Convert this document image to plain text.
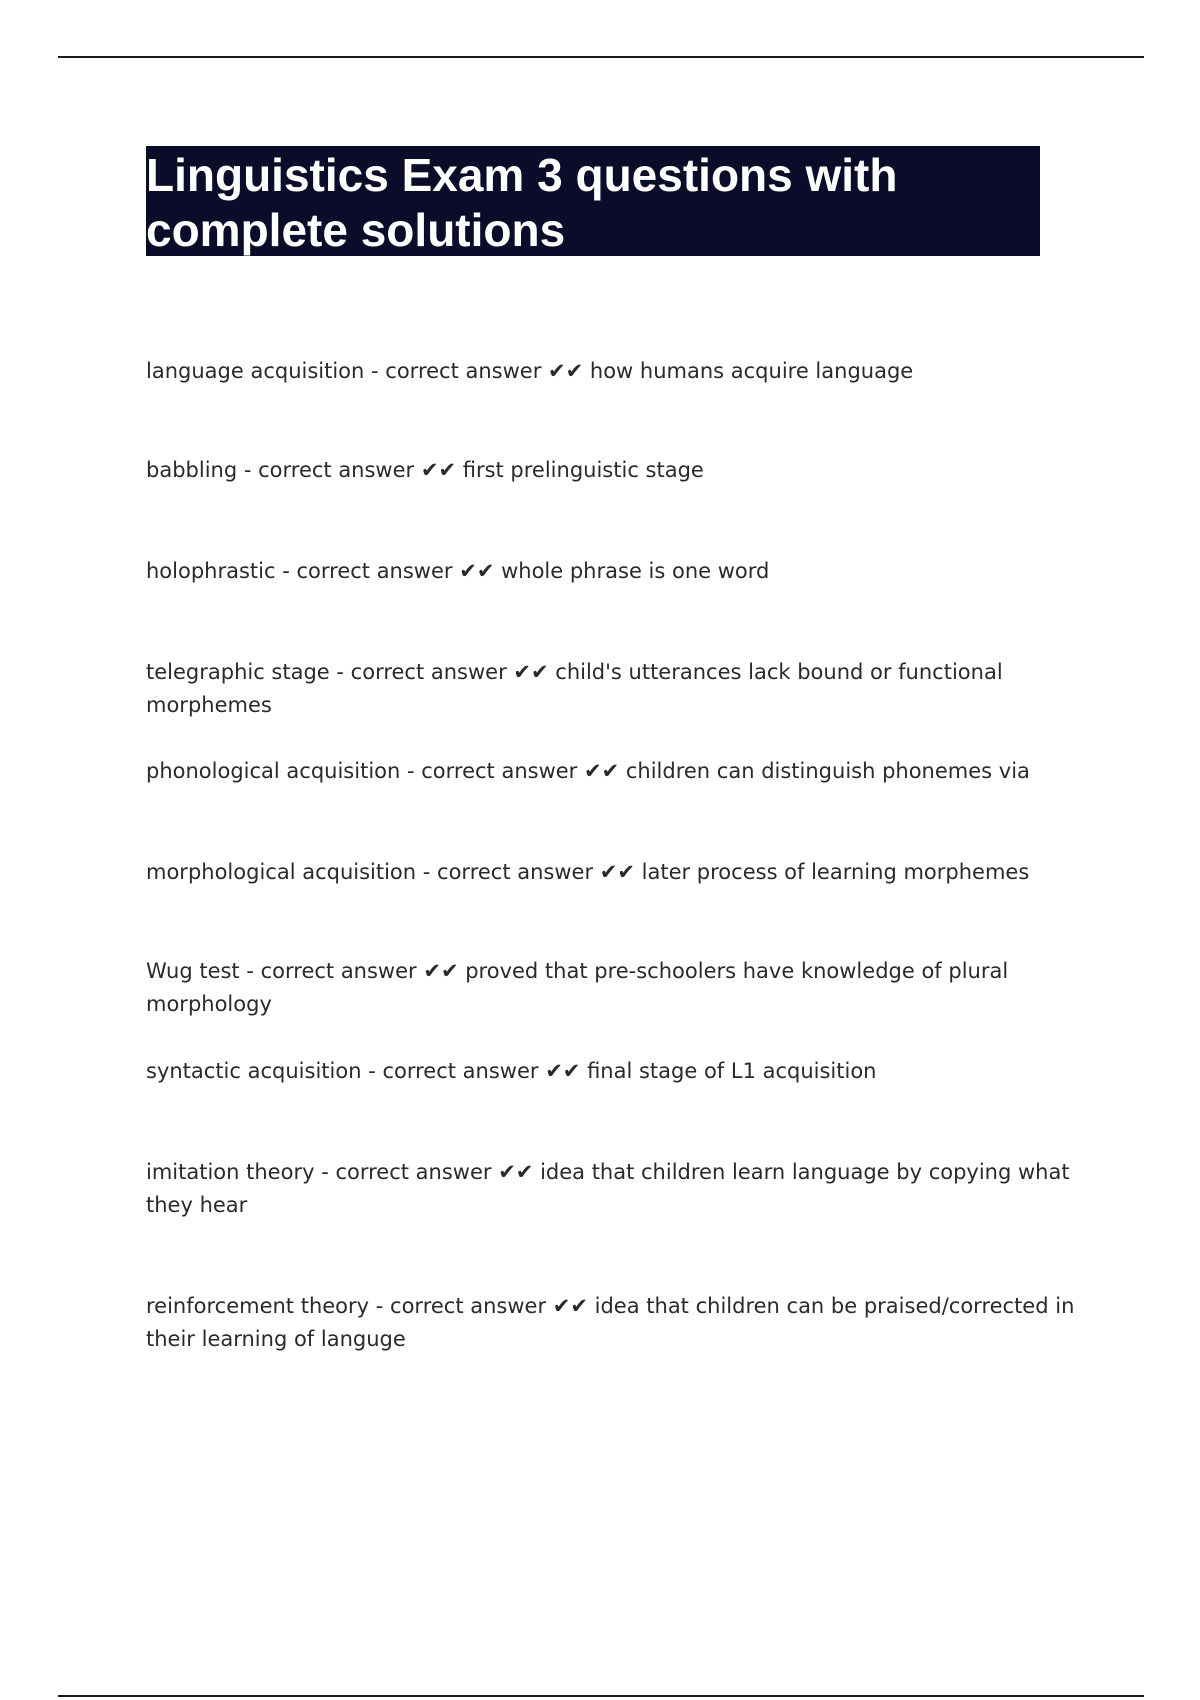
Linguistics Exam 3 questions with complete solutions
language acquisition - correct answer ✔✔ how humans acquire language
babbling - correct answer ✔✔ first prelinguistic stage
holophrastic - correct answer ✔✔ whole phrase is one word
telegraphic stage - correct answer ✔✔ child's utterances lack bound or functional morphemes
phonological acquisition - correct answer ✔✔ children can distinguish phonemes via
morphological acquisition - correct answer ✔✔ later process of learning morphemes
Wug test - correct answer ✔✔ proved that pre-schoolers have knowledge of plural morphology
syntactic acquisition - correct answer ✔✔ final stage of L1 acquisition
imitation theory - correct answer ✔✔ idea that children learn language by copying what they hear
reinforcement theory - correct answer ✔✔ idea that children can be praised/corrected in their learning of languge
